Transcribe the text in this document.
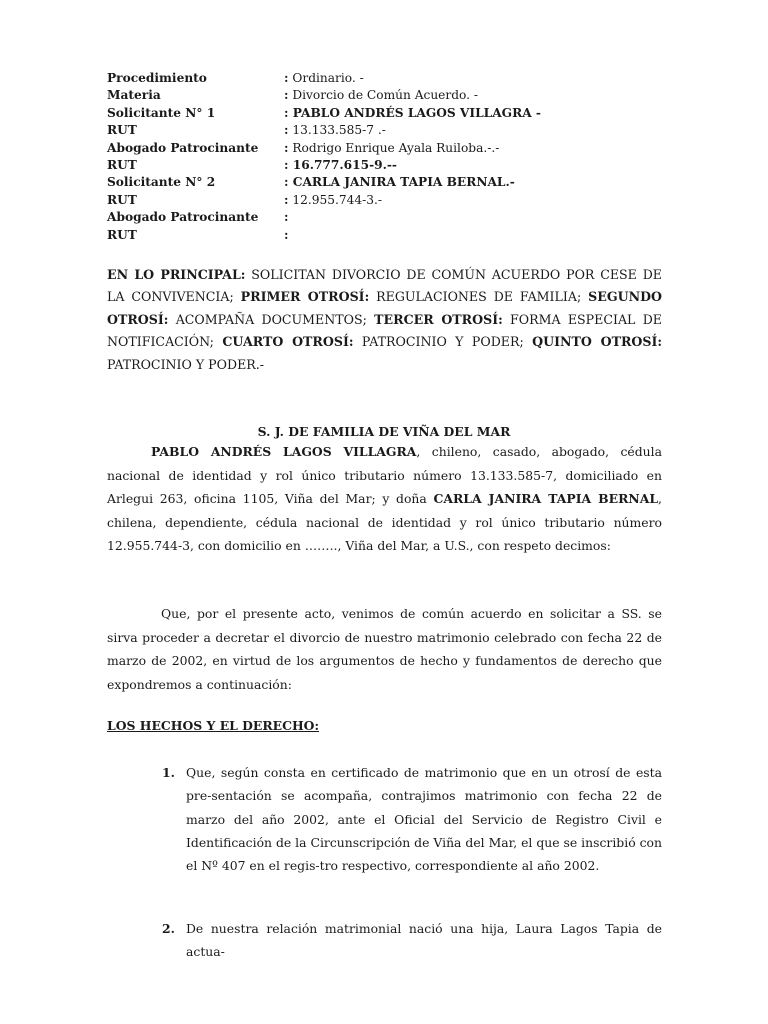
Procedimiento	: Ordinario. -
Materia	: Divorcio de Común Acuerdo. -
Solicitante N° 1	: PABLO ANDRÉS LAGOS VILLAGRA -
RUT	: 13.133.585-7 .-
Abogado Patrocinante	: Rodrigo Enrique Ayala Ruiloba.-.-
RUT	: 16.777.615-9.--
Solicitante N° 2	: CARLA JANIRA TAPIA BERNAL.-
RUT	: 12.955.744-3.-
Abogado Patrocinante	:
RUT	:
EN LO PRINCIPAL: SOLICITAN DIVORCIO DE COMÚN ACUERDO POR CESE DE LA CONVIVENCIA; PRIMER OTROSÍ: REGULACIONES DE FAMILIA; SEGUNDO OTROSÍ: ACOMPAÑA DOCUMENTOS; TERCER OTROSÍ: FORMA ESPECIAL DE NOTIFICACIÓN; CUARTO OTROSÍ: PATROCINIO Y PODER; QUINTO OTROSÍ: PATROCINIO Y PODER.-
S. J. DE FAMILIA DE VIÑA DEL MAR
PABLO ANDRÉS LAGOS VILLAGRA, chileno, casado, abogado, cédula nacional de identidad y rol único tributario número 13.133.585-7, domiciliado en Arlegui 263, oficina 1105, Viña del Mar; y doña CARLA JANIRA TAPIA BERNAL, chilena, dependiente, cédula nacional de identidad y rol único tributario número 12.955.744-3, con domicilio en …….., Viña del Mar, a U.S., con respeto decimos:
Que, por el presente acto, venimos de común acuerdo en solicitar a SS. se sirva proceder a decretar el divorcio de nuestro matrimonio celebrado con fecha 22 de marzo de 2002, en virtud de los argumentos de hecho y fundamentos de derecho que expondremos a continuación:
LOS HECHOS Y EL DERECHO:
1. Que, según consta en certificado de matrimonio que en un otrosí de esta pre-sentación se acompaña, contrajimos matrimonio con fecha 22 de marzo del año 2002, ante el Oficial del Servicio de Registro Civil e Identificación de la Circunscripción de Viña del Mar, el que se inscribió con el Nº 407 en el regis-tro respectivo, correspondiente al año 2002.
2. De nuestra relación matrimonial nació una hija, Laura Lagos Tapia de actua-
